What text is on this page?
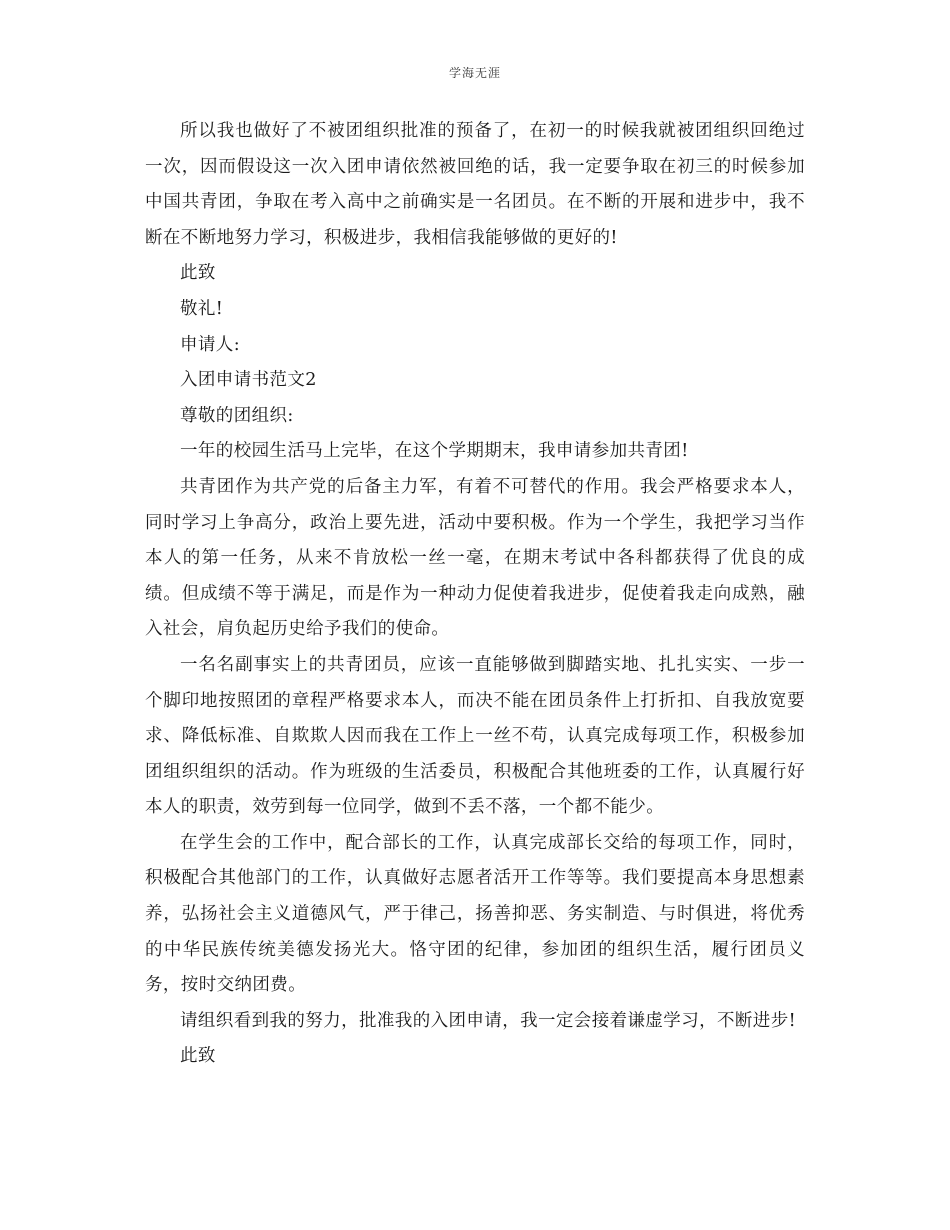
学海无涯

所以我也做好了不被团组织批准的预备了，在初一的时候我就被团组织回绝过一次，因而假设这一次入团申请依然被回绝的话，我一定要争取在初三的时候参加中国共青团，争取在考入高中之前确实是一名团员。在不断的开展和进步中，我不断在不断地努力学习，积极进步，我相信我能够做的更好的!

此致

敬礼!

申请人:

入团申请书范文2

尊敬的团组织:

一年的校园生活马上完毕，在这个学期期末，我申请参加共青团!

共青团作为共产党的后备主力军，有着不可替代的作用。我会严格要求本人，同时学习上争高分，政治上要先进，活动中要积极。作为一个学生，我把学习当作本人的第一任务，从来不肯放松一丝一毫，在期末考试中各科都获得了优良的成绩。但成绩不等于满足，而是作为一种动力促使着我进步，促使着我走向成熟，融入社会，肩负起历史给予我们的使命。

一名名副事实上的共青团员，应该一直能够做到脚踏实地、扎扎实实、一步一个脚印地按照团的章程严格要求本人，而决不能在团员条件上打折扣、自我放宽要求、降低标准、自欺欺人因而我在工作上一丝不苟，认真完成每项工作，积极参加团组织组织的活动。作为班级的生活委员，积极配合其他班委的工作，认真履行好本人的职责，效劳到每一位同学，做到不丢不落，一个都不能少。

在学生会的工作中，配合部长的工作，认真完成部长交给的每项工作，同时，积极配合其他部门的工作，认真做好志愿者活开工作等等。我们要提高本身思想素养，弘扬社会主义道德风气，严于律己，扬善抑恶、务实制造、与时俱进，将优秀的中华民族传统美德发扬光大。恪守团的纪律，参加团的组织生活，履行团员义务，按时交纳团费。

请组织看到我的努力，批准我的入团申请，我一定会接着谦虚学习，不断进步!

此致
